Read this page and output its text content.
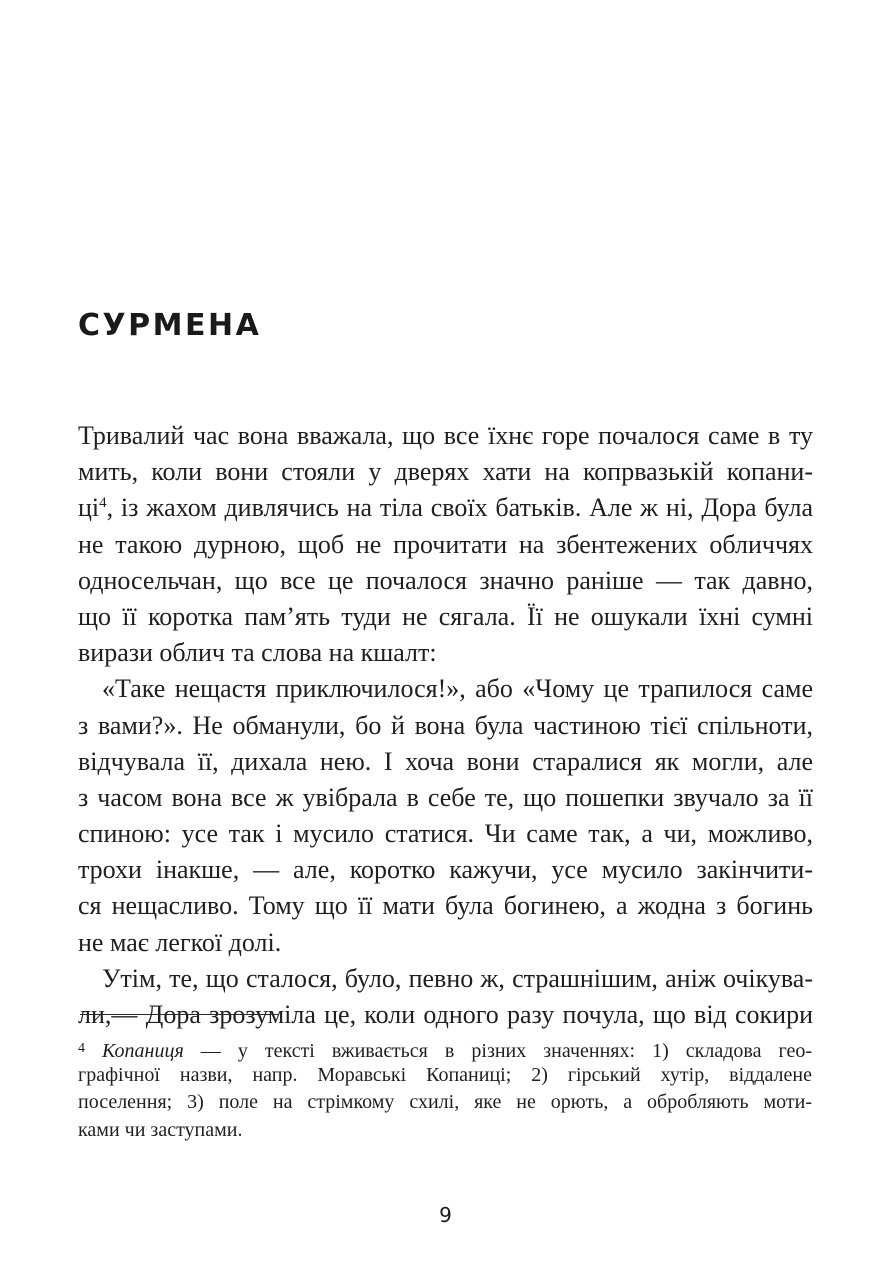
СУРМЕНА
Тривалий час вона вважала, що все їхнє горе почалося саме в ту
мить, коли вони стояли у дверях хати на копрвазькій копани-
$ці^4$, із жахом дивлячись на тіла своїх батьків. Але ж ні, Дора була
не такою дурною, щоб не прочитати на збентежених обличчях
односельчан, що все це почалося значно раніше — так давно,
що її коротка пам’ять туди не сягала. Її не ошукали їхні сумні
вирази облич та слова на кшалт:
«Таке нещастя приключилося!», або «Чому це трапилося саме
з вами?». Не обманули, бо й вона була частиною тієї спільноти,
відчувала її, дихала нею. І хоча вони старалися як могли, але
з часом вона все ж увібрала в себе те, що пошепки звучало за її
спиною: усе так і мусило статися. Чи саме так, а чи, можливо,
трохи інакше, — але, коротко кажучи, усе мусило закінчити-
ся нещасливо. Тому що її мати була богинею, а жодна з богинь
не має легкої долі.
Утім, те, що сталося, було, певно ж, страшнішим, аніж очікува-
ли,— Дора зрозуміла це, коли одного разу почула, що від сокири
4 Копаниця — у тексті вживається в різних значеннях: 1) складова гео-
графічної назви, напр. Моравські Копаниці; 2) гірський хутір, віддалене
поселення; 3) поле на стрімкому схилі, яке не орють, а обробляють моти-
ками чи заступами.
9
